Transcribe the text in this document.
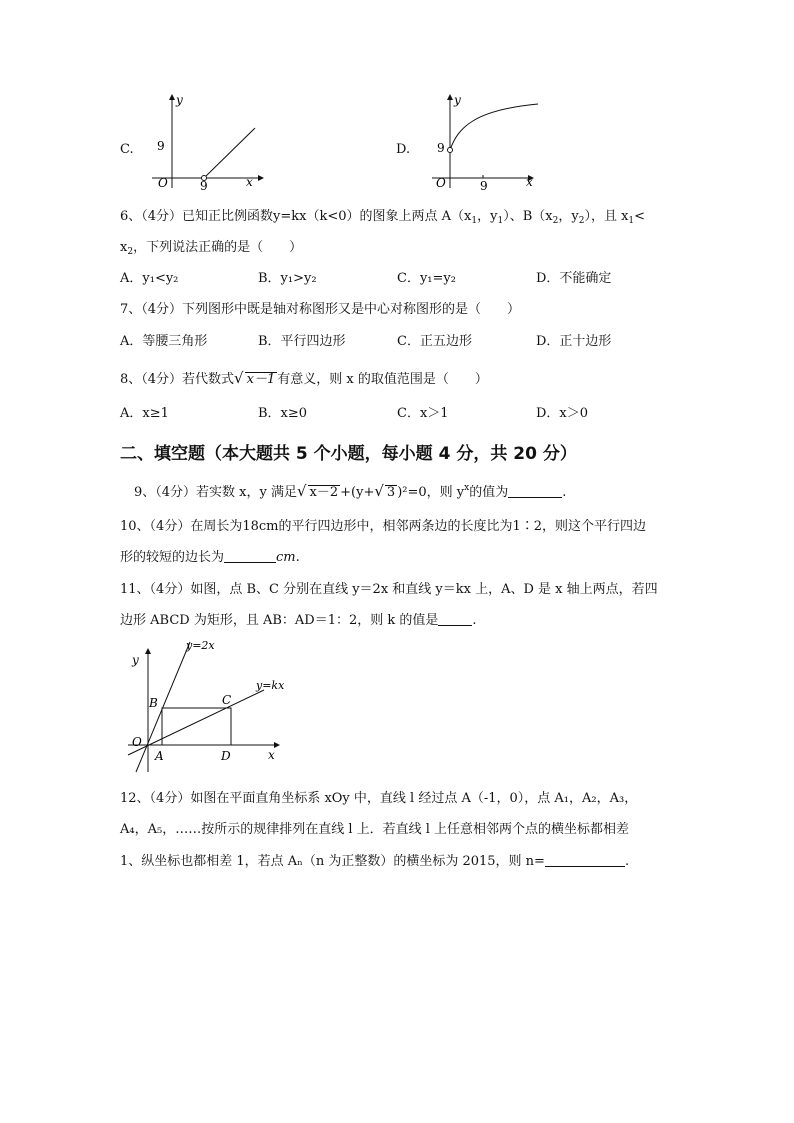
C.
y
x
O
9
9
D.
y
x
O
9
9
6、（4分）已知正比例函数y=kx（k<0）的图象上两点 $A(x_1$，$y_1$）、$B(x_2$，$y_2$），且 $x_1<$
$x_2$，下列说法正确的是（　　）
A．y₁<y₂	B．y₁>y₂	C．y₁=y₂	D．不能确定
7、（4分）下列图形中既是轴对称图形又是中心对称图形的是（　　）
A．等腰三角形	B．平行四边形	C．正五边形	D．正十边形
8、（4分）若代数式√ x－1 有意义，则 x 的取值范围是（　　）
A．x≥1	B．x≥0	C．x＞1	D．x＞0
二、填空题（本大题共 5 个小题，每小题 4 分，共 20 分）
9、（4分）若实数 x，y 满足√ x－2 +(y+√ 3 )²=0，则 $y^x$的值为	.
10、（4分）在周长为18cm的平行四边形中，相邻两条边的长度比为1∶2，则这个平行四边
形的较短的边长为	cm.
11、（4分）如图，点 B、C 分别在直线 y＝2x 和直线 y＝kx 上，A、D 是 x 轴上两点，若四
边形 ABCD 为矩形，且 AB：AD＝1：2，则 k 的值是	.
y=2x
y=kx
y
x
O
A
B	C
D
12、（4分）如图在平面直角坐标系 xOy 中，直线 l 经过点 A（-1，0），点 A₁，A₂，A₃，
A₄，A₅，……按所示的规律排列在直线 l 上．若直线 l 上任意相邻两个点的横坐标都相差
1、纵坐标也都相差 1，若点 Aₙ（n 为正整数）的横坐标为 2015，则 n=	.
